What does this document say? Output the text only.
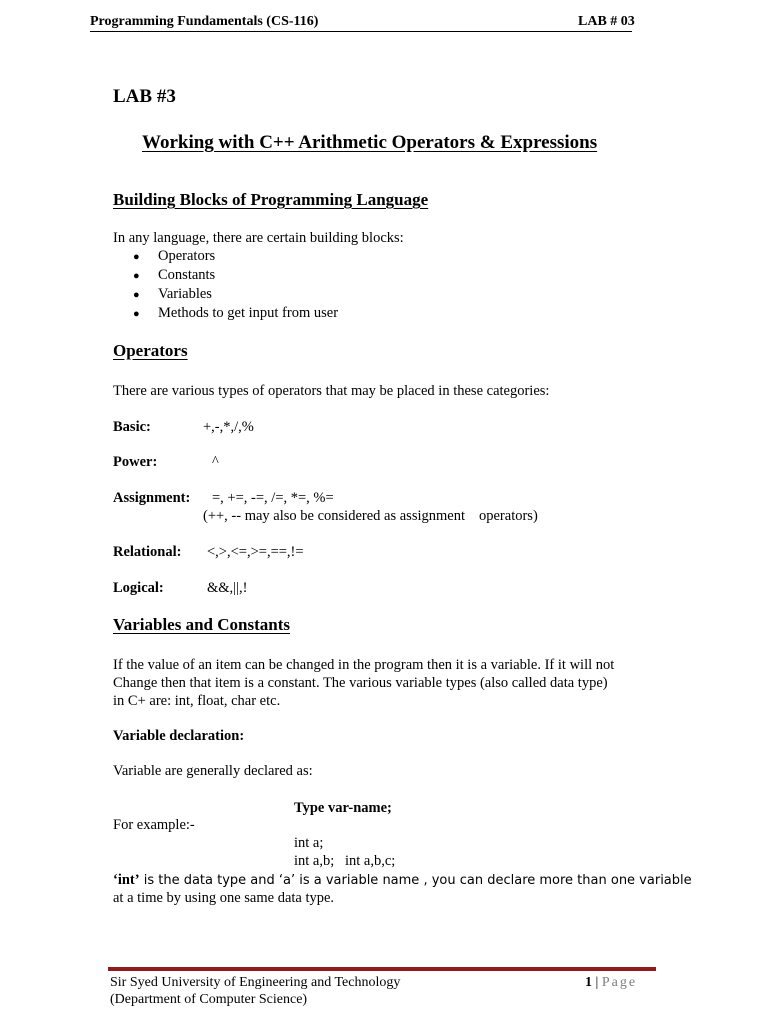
Programming Fundamentals (CS-116)	LAB # 03
LAB #3
Working with C++ Arithmetic Operators & Expressions
Building Blocks of Programming Language
In any language, there are certain building blocks:
● Operators
● Constants
● Variables
● Methods to get input from user
Operators
There are various types of operators that may be placed in these categories:
Basic:	+,-,*,/,%
Power:	^
Assignment: =, +=, -=, /=, *=, %=
(++, -- may also be considered as assignment operators)
Relational: <,>,<=,>=,==,!=
Logical:	&&,||,!
Variables and Constants
If the value of an item can be changed in the program then it is a variable. If it will not
Change then that item is a constant. The various variable types (also called data type)
in C+ are: int, float, char etc.
Variable declaration:
Variable are generally declared as:
Type var-name;
For example:-
int a;
int a,b; int a,b,c;
‘int’ is the data type and ‘a’ is a variable name , you can declare more than one variable
at a time by using one same data type.
Sir Syed University of Engineering and Technology
(Department of Computer Science)
1 | Page
